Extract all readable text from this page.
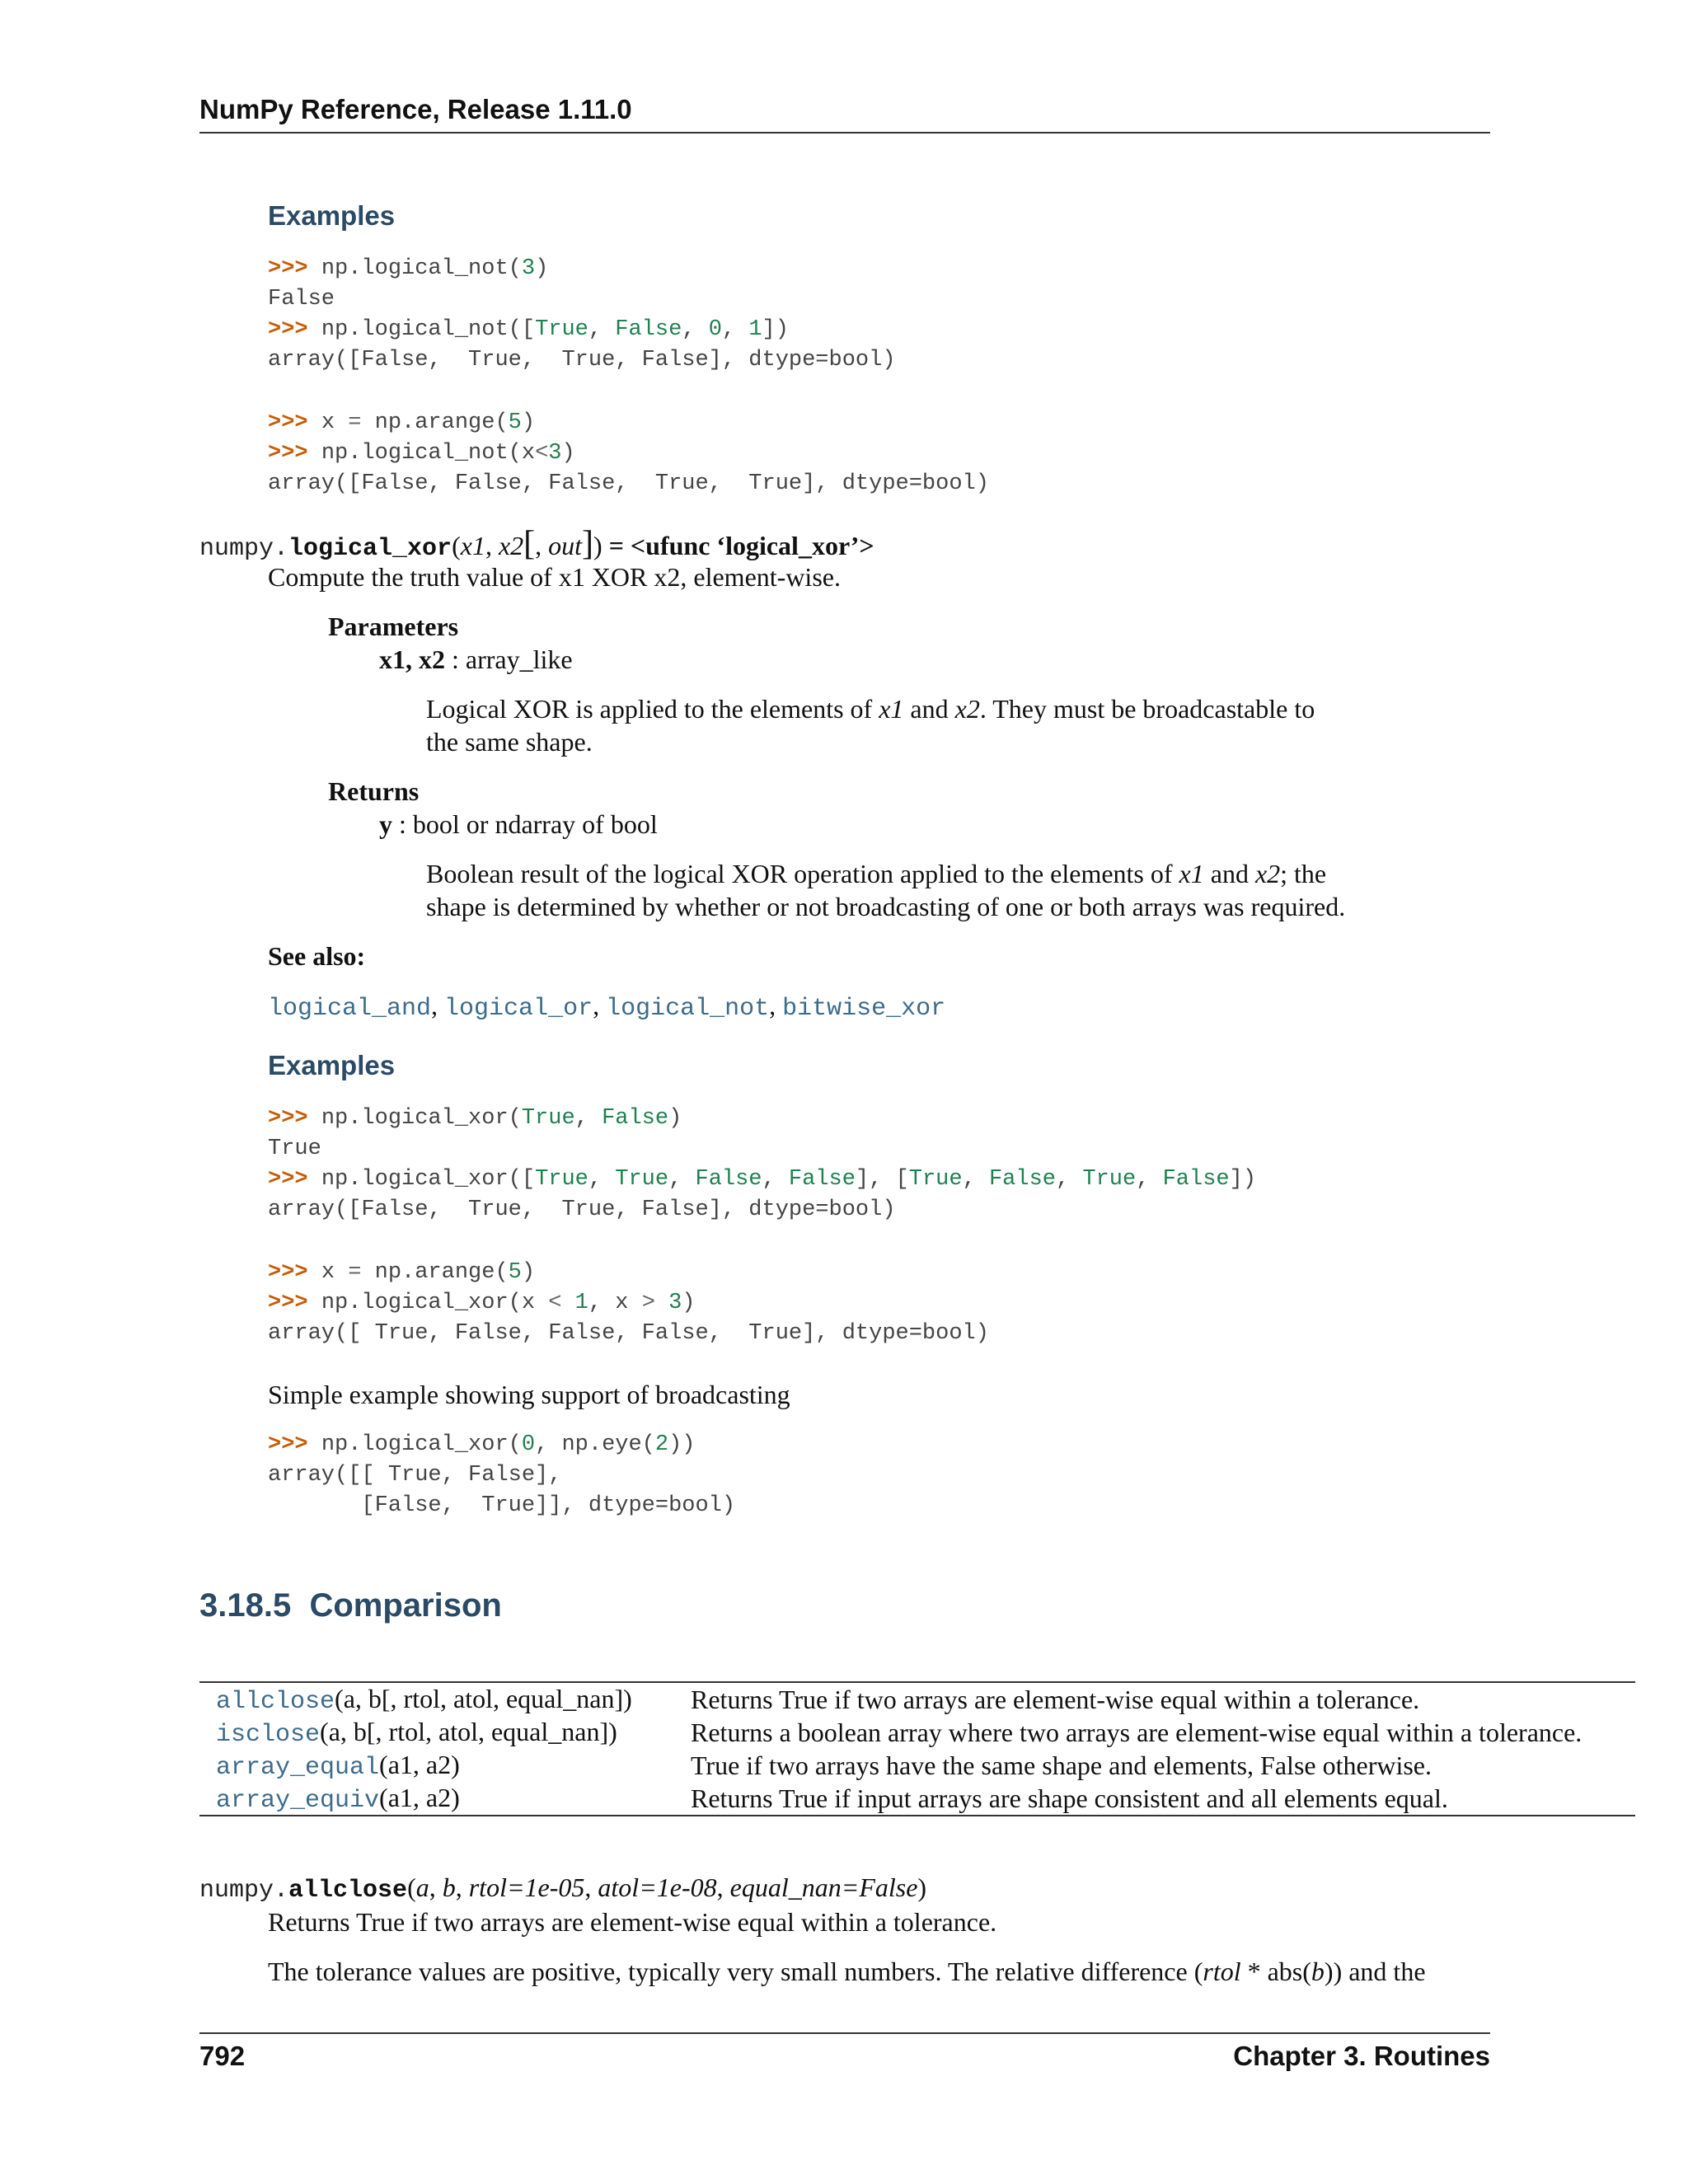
NumPy Reference, Release 1.11.0
Examples
>>> np.logical_not(3)
False
>>> np.logical_not([True, False, 0, 1])
array([False,  True,  True, False], dtype=bool)
>>> x = np.arange(5)
>>> np.logical_not(x<3)
array([False, False, False,  True,  True], dtype=bool)
numpy.logical_xor(x1, x2[, out]) = <ufunc ‘logical_xor’>
Compute the truth value of x1 XOR x2, element-wise.
Parameters
x1, x2 : array_like
Logical XOR is applied to the elements of x1 and x2. They must be broadcastable to
the same shape.
Returns
y : bool or ndarray of bool
Boolean result of the logical XOR operation applied to the elements of x1 and x2; the
shape is determined by whether or not broadcasting of one or both arrays was required.
See also:
logical_and, logical_or, logical_not, bitwise_xor
Examples
>>> np.logical_xor(True, False)
True
>>> np.logical_xor([True, True, False, False], [True, False, True, False])
array([False,  True,  True, False], dtype=bool)
>>> x = np.arange(5)
>>> np.logical_xor(x < 1, x > 3)
array([ True, False, False, False,  True], dtype=bool)
Simple example showing support of broadcasting
>>> np.logical_xor(0, np.eye(2))
array([[ True, False],
[False,  True]], dtype=bool)
3.18.5 Comparison
allclose(a, b[, rtol, atol, equal_nan])	Returns True if two arrays are element-wise equal within a tolerance.
isclose(a, b[, rtol, atol, equal_nan])	Returns a boolean array where two arrays are element-wise equal within a tolerance.
array_equal(a1, a2)	True if two arrays have the same shape and elements, False otherwise.
array_equiv(a1, a2)	Returns True if input arrays are shape consistent and all elements equal.
numpy.allclose(a, b, rtol=1e-05, atol=1e-08, equal_nan=False)
Returns True if two arrays are element-wise equal within a tolerance.
The tolerance values are positive, typically very small numbers. The relative difference (rtol * abs(b)) and the
792	Chapter 3. Routines
